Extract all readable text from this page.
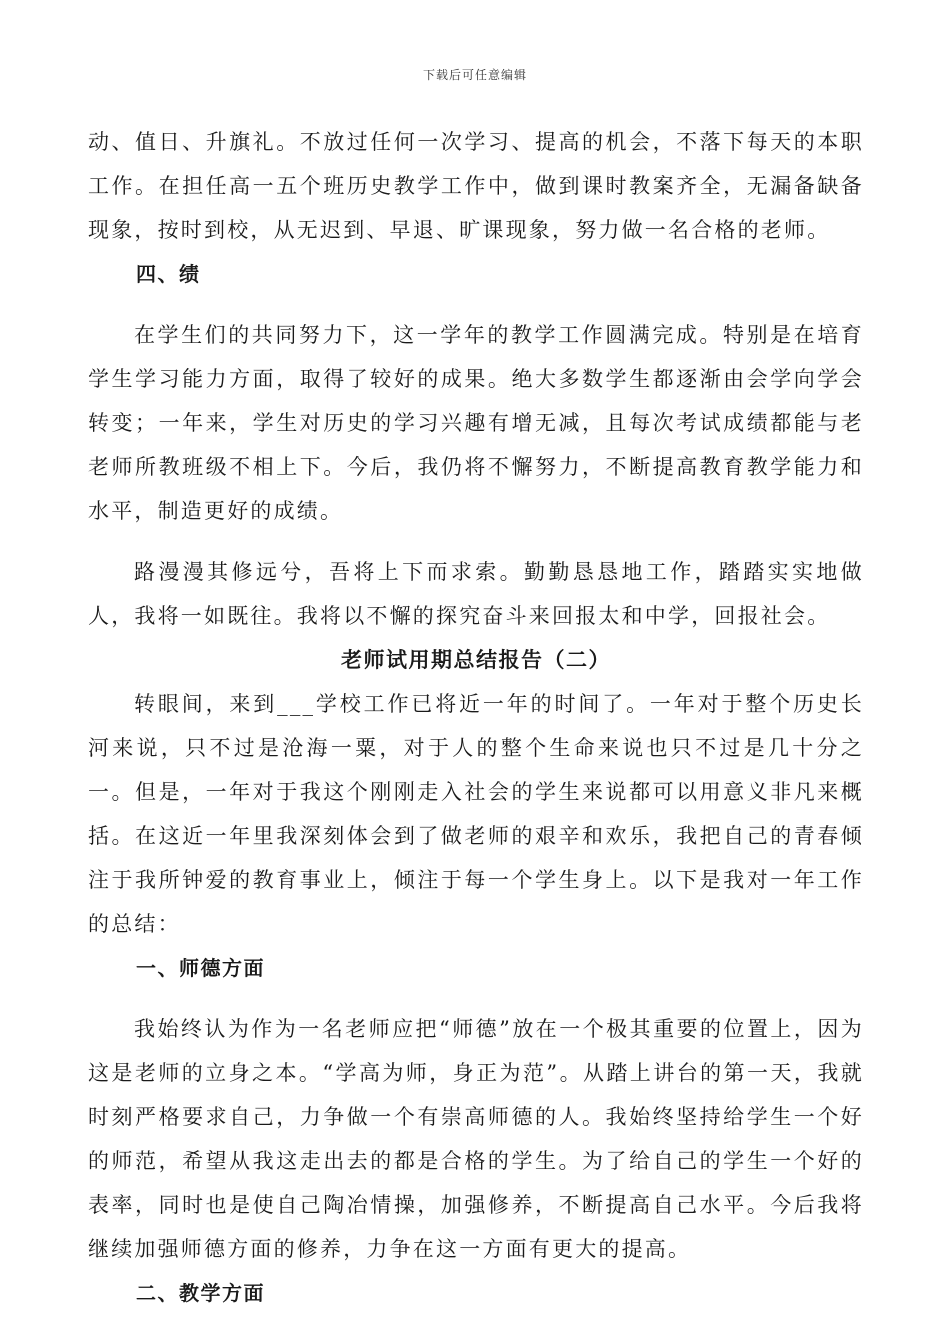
下载后可任意编辑

动、值日、升旗礼。不放过任何一次学习、提高的机会，不落下每天的本职工作。在担任高一五个班历史教学工作中，做到课时教案齐全，无漏备缺备现象，按时到校，从无迟到、早退、旷课现象，努力做一名合格的老师。

四、绩

在学生们的共同努力下，这一学年的教学工作圆满完成。特别是在培育学生学习能力方面，取得了较好的成果。绝大多数学生都逐渐由会学向学会转变；一年来，学生对历史的学习兴趣有增无减，且每次考试成绩都能与老老师所教班级不相上下。今后，我仍将不懈努力，不断提高教育教学能力和水平，制造更好的成绩。

路漫漫其修远兮，吾将上下而求索。勤勤恳恳地工作，踏踏实实地做人，我将一如既往。我将以不懈的探究奋斗来回报太和中学，回报社会。

老师试用期总结报告（二）

转眼间，来到___学校工作已将近一年的时间了。一年对于整个历史长河来说，只不过是沧海一粟，对于人的整个生命来说也只不过是几十分之一。但是，一年对于我这个刚刚走入社会的学生来说都可以用意义非凡来概括。在这近一年里我深刻体会到了做老师的艰辛和欢乐，我把自己的青春倾注于我所钟爱的教育事业上，倾注于每一个学生身上。以下是我对一年工作的总结：

一、师德方面

我始终认为作为一名老师应把“师德”放在一个极其重要的位置上，因为这是老师的立身之本。“学高为师，身正为范”。从踏上讲台的第一天，我就时刻严格要求自己，力争做一个有崇高师德的人。我始终坚持给学生一个好的师范，希望从我这走出去的都是合格的学生。为了给自己的学生一个好的表率，同时也是使自己陶冶情操，加强修养，不断提高自己水平。今后我将继续加强师德方面的修养，力争在这一方面有更大的提高。

二、教学方面
